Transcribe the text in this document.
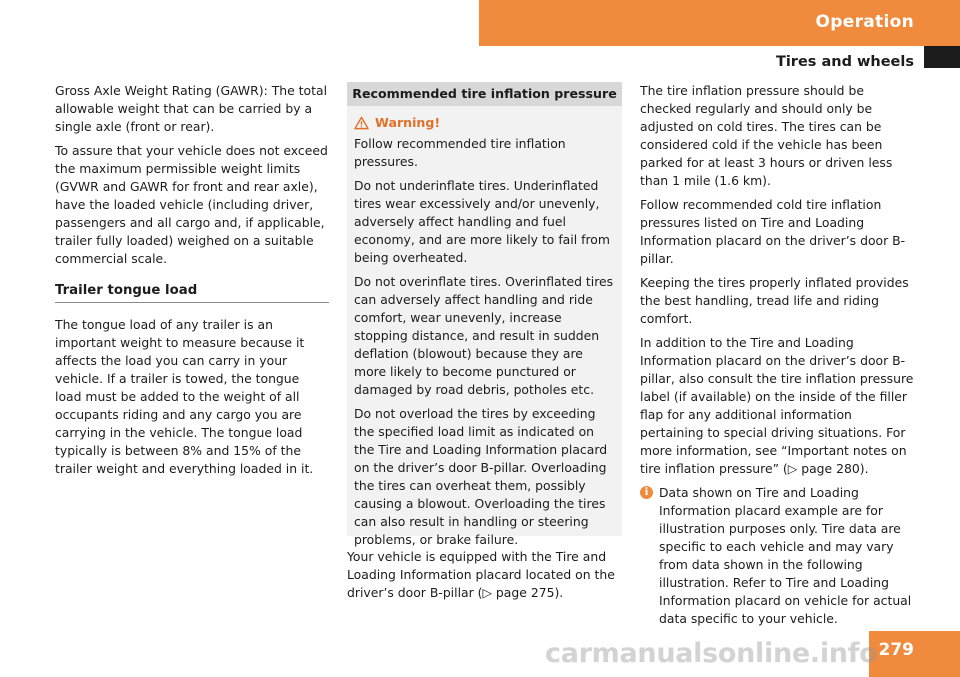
Operation
Tires and wheels

Gross Axle Weight Rating (GAWR): The total allowable weight that can be carried by a single axle (front or rear).

To assure that your vehicle does not exceed the maximum permissible weight limits (GVWR and GAWR for front and rear axle), have the loaded vehicle (including driver, passengers and all cargo and, if applicable, trailer fully loaded) weighed on a suitable commercial scale.

Trailer tongue load

The tongue load of any trailer is an important weight to measure because it affects the load you can carry in your vehicle. If a trailer is towed, the tongue load must be added to the weight of all occupants riding and any cargo you are carrying in the vehicle. The tongue load typically is between 8% and 15% of the trailer weight and everything loaded in it.

Recommended tire inflation pressure
Warning!

Follow recommended tire inflation pressures.

Do not underinflate tires. Underinflated tires wear excessively and/or unevenly, adversely affect handling and fuel economy, and are more likely to fail from being overheated.

Do not overinflate tires. Overinflated tires can adversely affect handling and ride comfort, wear unevenly, increase stopping distance, and result in sudden deflation (blowout) because they are more likely to become punctured or damaged by road debris, potholes etc.

Do not overload the tires by exceeding the specified load limit as indicated on the Tire and Loading Information placard on the driver’s door B-pillar. Overloading the tires can overheat them, possibly causing a blowout. Overloading the tires can also result in handling or steering problems, or brake failure.

Your vehicle is equipped with the Tire and Loading Information placard located on the driver’s door B-pillar (▷ page 275).

The tire inflation pressure should be checked regularly and should only be adjusted on cold tires. The tires can be considered cold if the vehicle has been parked for at least 3 hours or driven less than 1 mile (1.6 km).

Follow recommended cold tire inflation pressures listed on Tire and Loading Information placard on the driver’s door B-pillar.

Keeping the tires properly inflated provides the best handling, tread life and riding comfort.

In addition to the Tire and Loading Information placard on the driver’s door B-pillar, also consult the tire inflation pressure label (if available) on the inside of the filler flap for any additional information pertaining to special driving situations. For more information, see “Important notes on tire inflation pressure” (▷ page 280).

i Data shown on Tire and Loading Information placard example are for illustration purposes only. Tire data are specific to each vehicle and may vary from data shown in the following illustration. Refer to Tire and Loading Information placard on vehicle for actual data specific to your vehicle.
279
carmanualsonline.info
